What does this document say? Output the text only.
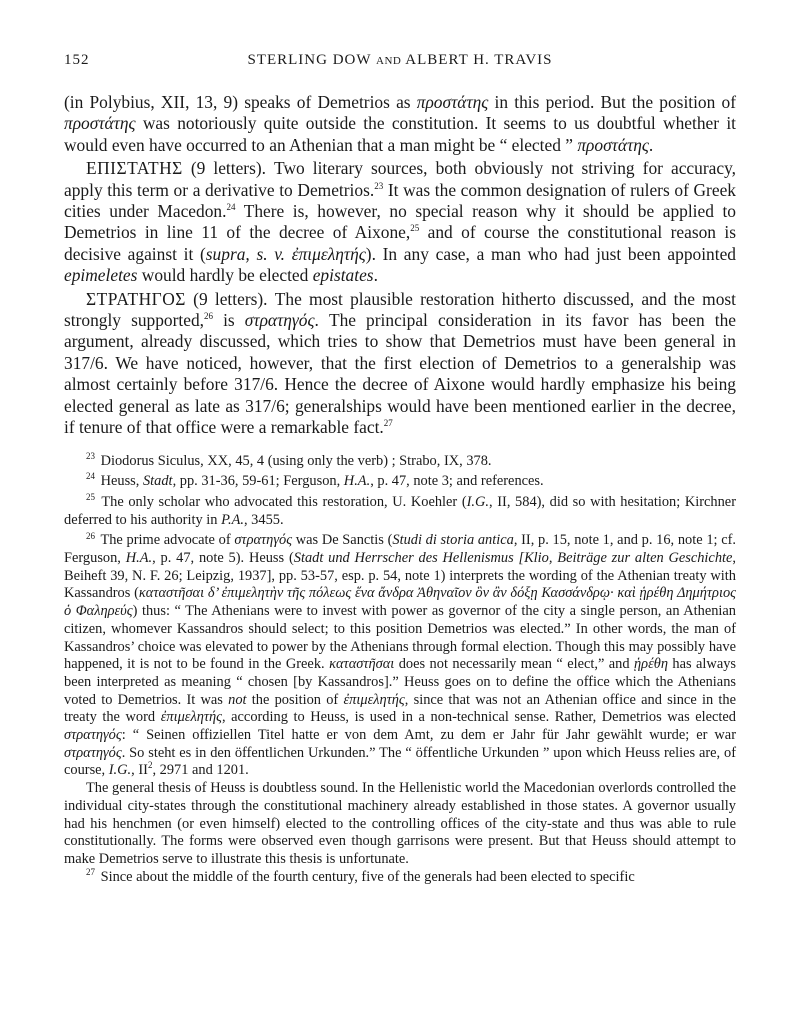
152	STERLING DOW AND ALBERT H. TRAVIS

(in Polybius, XII, 13, 9) speaks of Demetrios as προστάτης in this period. But the position of προστάτης was notoriously quite outside the constitution. It seems to us doubtful whether it would even have occurred to an Athenian that a man might be “ elected ” προστάτης.

ΕΠΙΣΤΑΤΗΣ (9 letters). Two literary sources, both obviously not striving for accuracy, apply this term or a derivative to Demetrios.$^{23}$ It was the common designation of rulers of Greek cities under Macedon.$^{24}$ There is, however, no special reason why it should be applied to Demetrios in line 11 of the decree of Aixone,$^{25}$ and of course the constitutional reason is decisive against it (supra, s. v. ἐπιμελητής). In any case, a man who had just been appointed epimeletes would hardly be elected epistates.

ΣΤΡΑΤΗΓΟΣ (9 letters). The most plausible restoration hitherto discussed, and the most strongly supported,$^{26}$ is στρατηγός. The principal consideration in its favor has been the argument, already discussed, which tries to show that Demetrios must have been general in 317/6. We have noticed, however, that the first election of Demetrios to a generalship was almost certainly before 317/6. Hence the decree of Aixone would hardly emphasize his being elected general as late as 317/6; generalships would have been mentioned earlier in the decree, if tenure of that office were a remarkable fact.$^{27}$

$^{23}$ Diodorus Siculus, XX, 45, 4 (using only the verb) ; Strabo, IX, 378.

$^{24}$ Heuss, Stadt, pp. 31-36, 59-61; Ferguson, H.A., p. 47, note 3; and references.

$^{25}$ The only scholar who advocated this restoration, U. Koehler (I.G., II, 584), did so with hesitation; Kirchner deferred to his authority in P.A., 3455.

$^{26}$ The prime advocate of στρατηγός was De Sanctis (Studi di storia antica, II, p. 15, note 1, and p. 16, note 1; cf. Ferguson, H.A., p. 47, note 5). Heuss (Stadt und Herrscher des Hellenismus [Klio, Beiträge zur alten Geschichte, Beiheft 39, N. F. 26; Leipzig, 1937], pp. 53-57, esp. p. 54, note 1) interprets the wording of the Athenian treaty with Kassandros (καταστῆσαι δ’ ἐπιμελητὴν τῆς πόλεως ἕνα ἄνδρα Ἀθηναῖον ὃν ἂν δόξῃ Κασσάνδρῳ· καὶ ᾑρέθη Δημήτριος ὁ Φαληρεύς) thus: “ The Athenians were to invest with power as governor of the city a single person, an Athenian citizen, whomever Kassandros should select; to this position Demetrios was elected.” In other words, the man of Kassandros’ choice was elevated to power by the Athenians through formal election. Though this may possibly have happened, it is not to be found in the Greek. καταστῆσαι does not necessarily mean “ elect,” and ᾑρέθη has always been interpreted as meaning “ chosen [by Kassandros].” Heuss goes on to define the office which the Athenians voted to Demetrios. It was not the position of ἐπιμελητής, since that was not an Athenian office and since in the treaty the word ἐπιμελητής, according to Heuss, is used in a non-technical sense. Rather, Demetrios was elected στρατηγός: “ Seinen offiziellen Titel hatte er von dem Amt, zu dem er Jahr für Jahr gewählt wurde; er war στρατηγός. So steht es in den öffentlichen Urkunden.” The “ öffentliche Urkunden ” upon which Heuss relies are, of course, I.G., $II^2$, 2971 and 1201.

The general thesis of Heuss is doubtless sound. In the Hellenistic world the Macedonian overlords controlled the individual city-states through the constitutional machinery already established in those states. A governor usually had his henchmen (or even himself) elected to the controlling offices of the city-state and thus was able to rule constitutionally. The forms were observed even though garrisons were present. But that Heuss should attempt to make Demetrios serve to illustrate this thesis is unfortunate.

$^{27}$ Since about the middle of the fourth century, five of the generals had been elected to specific
